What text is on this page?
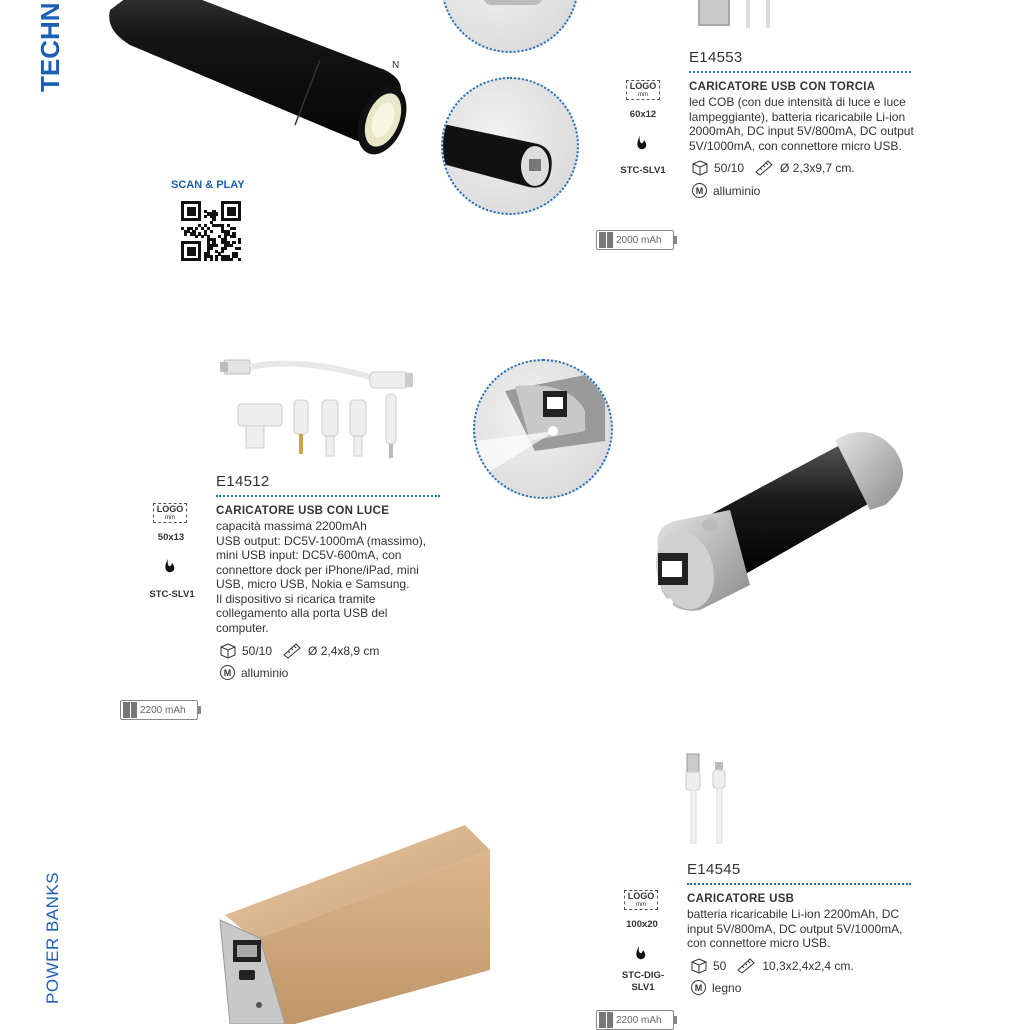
TECHN
POWER BANKS
N
SCAN & PLAY
E14553
CARICATORE USB CON TORCIA
led COB (con due intensità di luce e luce
lampeggiante), batteria ricaricabile Li-ion
2000mAh, DC input 5V/800mA, DC output
5V/1000mA, con connettore micro USB.
50/10	Ø 2,3x9,7 cm.
M alluminio
LOGO
mm
60x12
STC-SLV1
2000 mAh
E14512
CARICATORE USB CON LUCE
capacità massima 2200mAh
USB output: DC5V-1000mA (massimo),
mini USB input: DC5V-600mA, con
connettore dock per iPhone/iPad, mini
USB, micro USB, Nokia e Samsung.
Il dispositivo si ricarica tramite
collegamento alla porta USB del
computer.
50/10	Ø 2,4x8,9 cm
M alluminio
LOGO
mm
50x13
STC-SLV1
2200 mAh
E14545
CARICATORE USB
batteria ricaricabile Li-ion 2200mAh, DC
input 5V/800mA, DC output 5V/1000mA,
con connettore micro USB.
50	10,3x2,4x2,4 cm.
M legno
LOGO
mm
100x20
STC-DIG-
SLV1
2200 mAh
